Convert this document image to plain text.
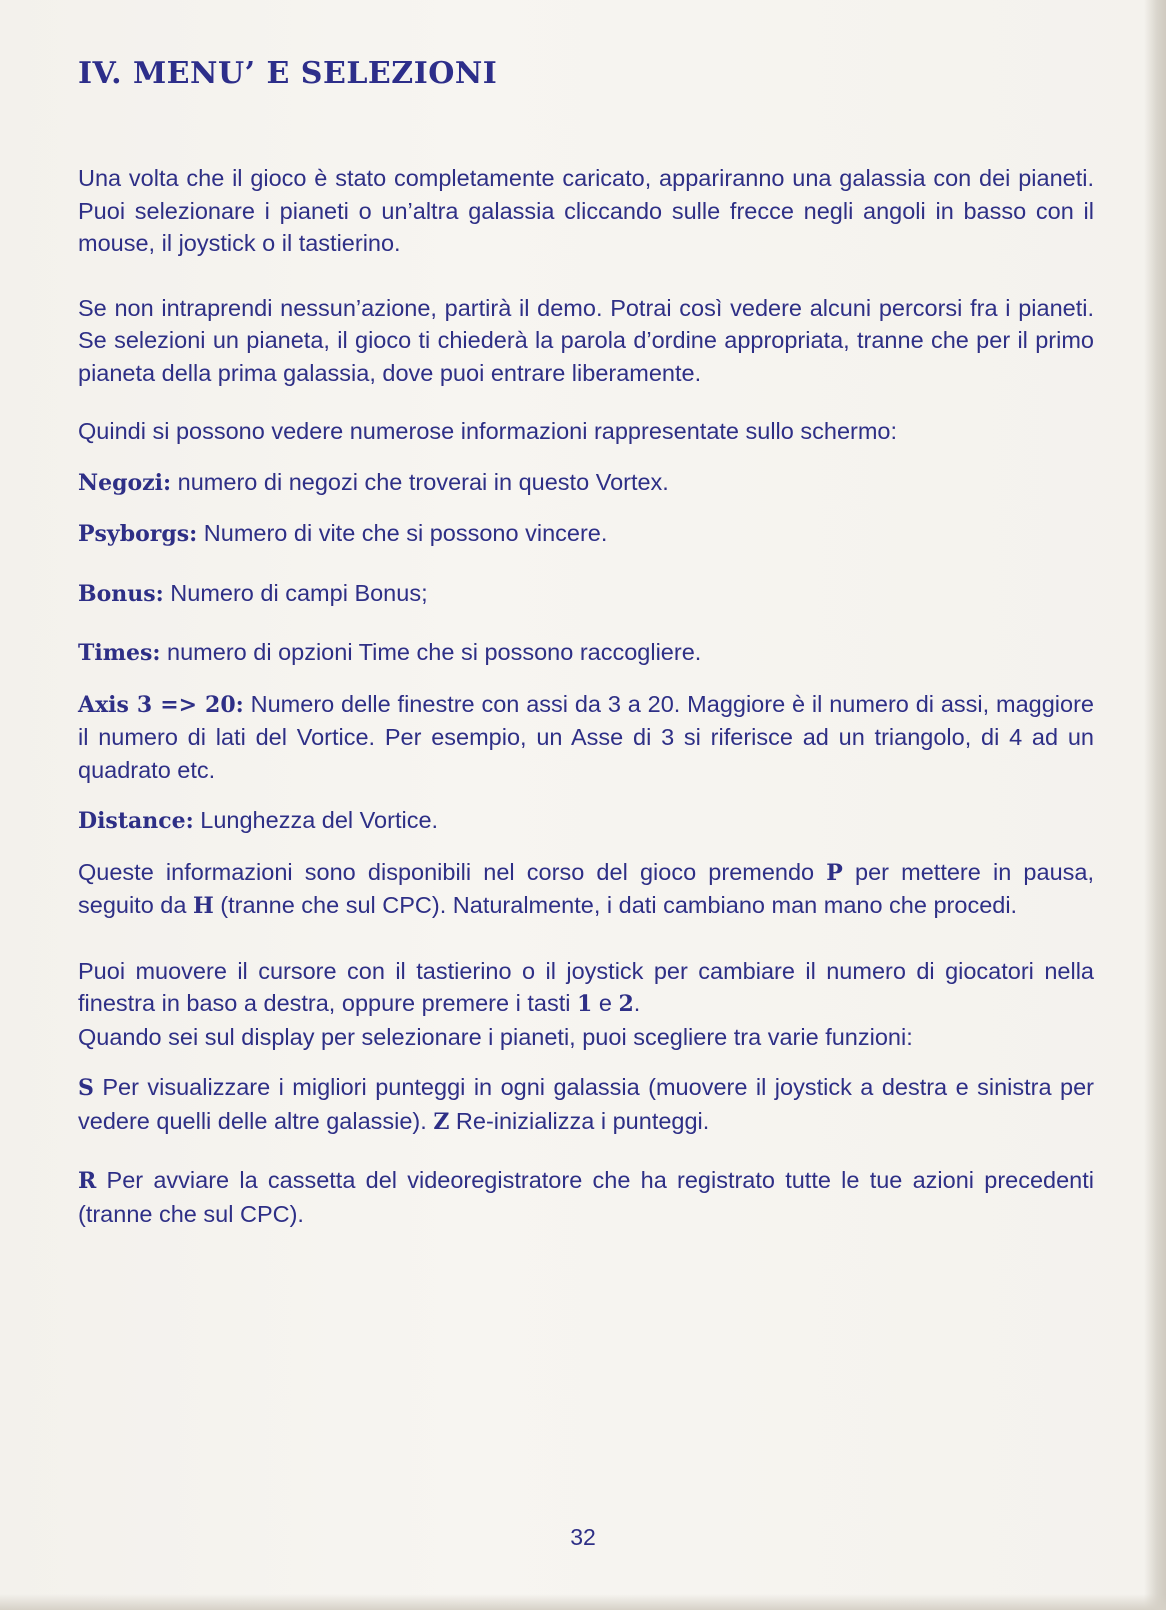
IV. MENU’ E SELEZIONI

Una volta che il gioco è stato completamente caricato, appariranno una galassia con dei pianeti. Puoi selezionare i pianeti o un’altra galassia cliccando sulle frecce negli angoli in basso con il mouse, il joystick o il tastierino.

Se non intraprendi nessun’azione, partirà il demo. Potrai così vedere alcuni percorsi fra i pianeti. Se selezioni un pianeta, il gioco ti chiederà la parola d’ordine appropriata, tranne che per il primo pianeta della prima galassia, dove puoi entrare liberamente.

Quindi si possono vedere numerose informazioni rappresentate sullo schermo:

Negozi: numero di negozi che troverai in questo Vortex.

Psyborgs: Numero di vite che si possono vincere.

Bonus: Numero di campi Bonus;

Times: numero di opzioni Time che si possono raccogliere.

Axis 3 => 20: Numero delle finestre con assi da 3 a 20. Maggiore è il numero di assi, maggiore il numero di lati del Vortice. Per esempio, un Asse di 3 si riferisce ad un triangolo, di 4 ad un quadrato etc.

Distance: Lunghezza del Vortice.

Queste informazioni sono disponibili nel corso del gioco premendo P per mettere in pausa, seguito da H (tranne che sul CPC). Naturalmente, i dati cambiano man mano che procedi.

Puoi muovere il cursore con il tastierino o il joystick per cambiare il numero di giocatori nella finestra in baso a destra, oppure premere i tasti 1 e 2.

Quando sei sul display per selezionare i pianeti, puoi scegliere tra varie funzioni:

S Per visualizzare i migliori punteggi in ogni galassia (muovere il joystick a destra e sinistra per vedere quelli delle altre galassie). Z Re-inizializza i punteggi.

R Per avviare la cassetta del videoregistratore che ha registrato tutte le tue azioni precedenti (tranne che sul CPC).

32
